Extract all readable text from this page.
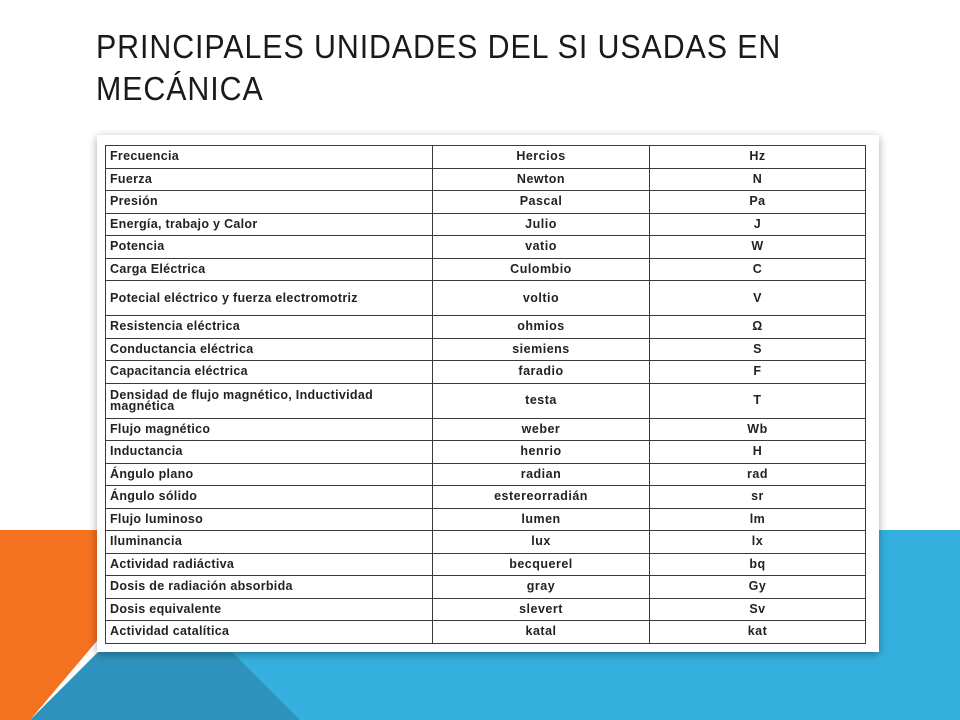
PRINCIPALES UNIDADES DEL SI USADAS EN MECÁNICA
Frecuencia	Hercios	Hz
Fuerza	Newton	N
Presión	Pascal	Pa
Energía, trabajo y Calor	Julio	J
Potencia	vatio	W
Carga Eléctrica	Culombio	C

Potecial eléctrico y fuerza electromotriz	voltio	V
Resistencia eléctrica	ohmios	Ω
Conductancia eléctrica	siemiens	S
Capacitancia eléctrica	faradio	F

Densidad de flujo magnético, Inductividad magnética	testa	T
Flujo magnético	weber	Wb
Inductancia	henrio	H
Ángulo plano	radian	rad
Ángulo sólido	estereorradián	sr
Flujo luminoso	lumen	lm
Iluminancia	lux	lx
Actividad radiáctiva	becquerel	bq
Dosis de radiación absorbida	gray	Gy
Dosis equivalente	slevert	Sv
Actividad catalítica	katal	kat
